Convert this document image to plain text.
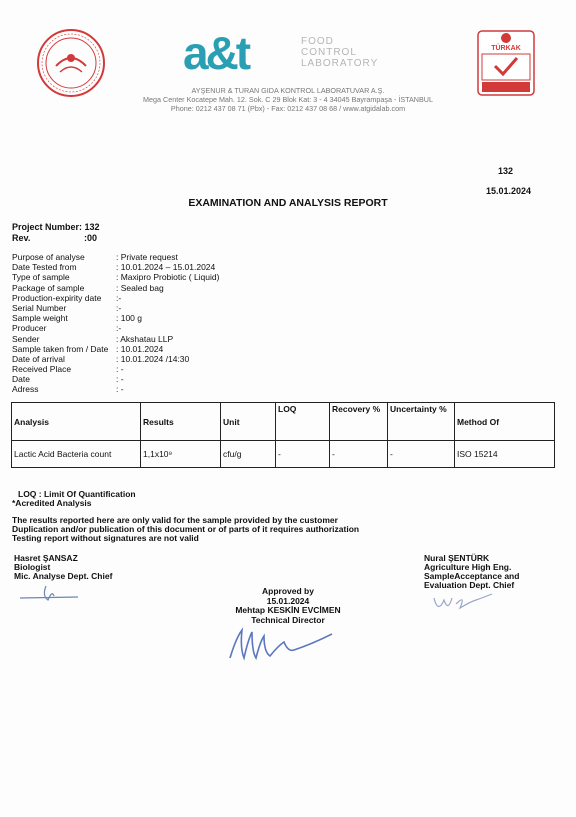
a&t	FOOD
CONTROL
LABORATORY
AYŞENUR & TURAN GIDA KONTROL LABORATUVAR A.Ş.
Mega Center Kocatepe Mah. 12. Sok. C 29 Blok Kat: 3 - 4 34045 Bayrampaşa - İSTANBUL
Phone: 0212 437 08 71 (Pbx) - Fax: 0212 437 08 68 / www.atgidalab.com
TÜRKAK
132
15.01.2024
EXAMINATION AND ANALYSIS REPORT
Project Number: 132
Rev.	:00
Purpose of analyse	: Private request
Date Tested from	: 10.01.2024 – 15.01.2024
Type of sample	: Maxipro Probiotic ( Liquid)
Package of sample	: Sealed bag
Production-expirity date	:-
Serial Number	:-
Sample weight	: 100 g
Producer	:-
Sender	: Akshatau LLP
Sample taken from / Date : 10.01.2024
Date of arrival	: 10.01.2024 /14:30
Received Place	: -
Date	: -
Adress	: -
Analysis	Results	Unit	LOQ	Recovery %	Uncertainty %	Method Of
Lactic Acid Bacteria count	1,1x10⁹	cfu/g	-	-	-	ISO 15214
LOQ : Limit Of Quantification
*Acredited Analysis
The results reported here are only valid for the sample provided by the customer
Duplication and/or publication of this document or of parts of it requires authorization
Testing report without signatures are not valid
Hasret ŞANSAZ
Biologist
Mic. Analyse Dept. Chief
Nural ŞENTÜRK
Agriculture High Eng.
SampleAcceptance and
Evaluation Dept. Chief
Approved by
15.01.2024
Mehtap KESKİN EVCİMEN
Technical Director
